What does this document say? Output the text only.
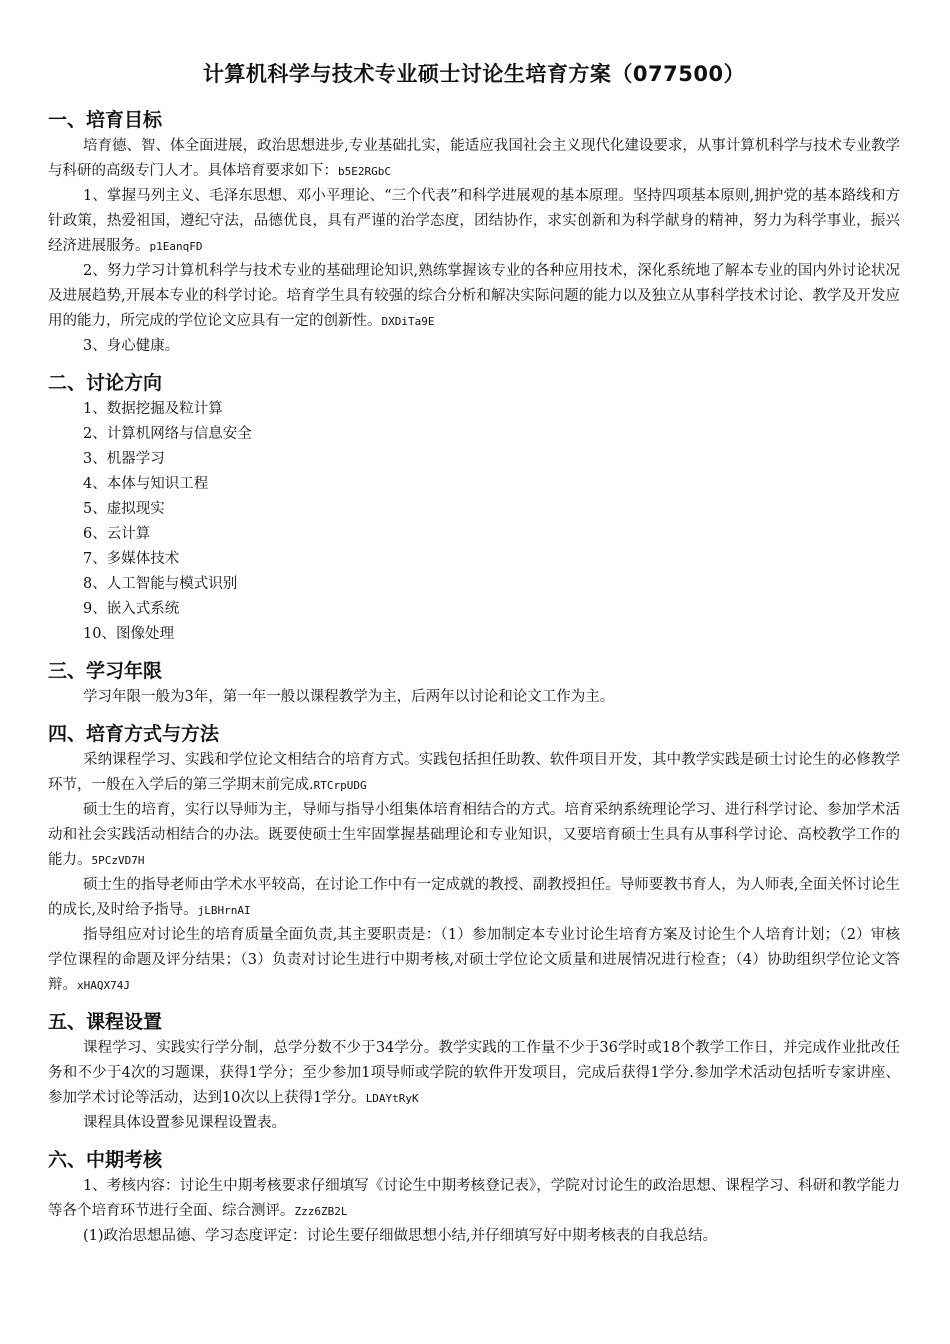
计算机科学与技术专业硕士讨论生培育方案（077500）
一、培育目标

培育德、智、体全面进展，政治思想进步,专业基础扎实，能适应我国社会主义现代化建设要求，从事计算机科学与技术专业教学与科研的高级专门人才。具体培育要求如下：b5E2RGbC

1、掌握马列主义、毛泽东思想、邓小平理论、“三个代表”和科学进展观的基本原理。坚持四项基本原则,拥护党的基本路线和方针政策，热爱祖国，遵纪守法，品德优良，具有严谨的治学态度，团结协作，求实创新和为科学献身的精神，努力为科学事业，振兴经济进展服务。p1EanqFD

2、努力学习计算机科学与技术专业的基础理论知识,熟练掌握该专业的各种应用技术，深化系统地了解本专业的国内外讨论状况及进展趋势,开展本专业的科学讨论。培育学生具有较强的综合分析和解决实际问题的能力以及独立从事科学技术讨论、教学及开发应用的能力，所完成的学位论文应具有一定的创新性。DXDiTa9E

3、身心健康。

二、讨论方向
1、数据挖掘及粒计算
2、计算机网络与信息安全
3、机器学习
4、本体与知识工程
5、虚拟现实
6、云计算
7、多媒体技术
8、人工智能与模式识别
9、嵌入式系统
10、图像处理
三、学习年限

学习年限一般为3年，第一年一般以课程教学为主，后两年以讨论和论文工作为主。

四、培育方式与方法

采纳课程学习、实践和学位论文相结合的培育方式。实践包括担任助教、软件项目开发，其中教学实践是硕士讨论生的必修教学环节，一般在入学后的第三学期末前完成.RTCrpUDG

硕士生的培育，实行以导师为主，导师与指导小组集体培育相结合的方式。培育采纳系统理论学习、进行科学讨论、参加学术活动和社会实践活动相结合的办法。既要使硕士生牢固掌握基础理论和专业知识，又要培育硕士生具有从事科学讨论、高校教学工作的能力。5PCzVD7H

硕士生的指导老师由学术水平较高，在讨论工作中有一定成就的教授、副教授担任。导师要教书育人，为人师表,全面关怀讨论生的成长,及时给予指导。jLBHrnAI

指导组应对讨论生的培育质量全面负责,其主要职责是：（1）参加制定本专业讨论生培育方案及讨论生个人培育计划；（2）审核学位课程的命题及评分结果；（3）负责对讨论生进行中期考核,对硕士学位论文质量和进展情况进行检查；（4）协助组织学位论文答辩。xHAQX74J

五、课程设置

课程学习、实践实行学分制，总学分数不少于34学分。教学实践的工作量不少于36学时或18个教学工作日，并完成作业批改任务和不少于4次的习题课，获得1学分；至少参加1项导师或学院的软件开发项目，完成后获得1学分.参加学术活动包括听专家讲座、参加学术讨论等活动，达到10次以上获得1学分。LDAYtRyK

课程具体设置参见课程设置表。

六、中期考核

1、考核内容：讨论生中期考核要求仔细填写《讨论生中期考核登记表》，学院对讨论生的政治思想、课程学习、科研和教学能力等各个培育环节进行全面、综合测评。Zzz6ZB2L

(1)政治思想品德、学习态度评定：讨论生要仔细做思想小结,并仔细填写好中期考核表的自我总结。
